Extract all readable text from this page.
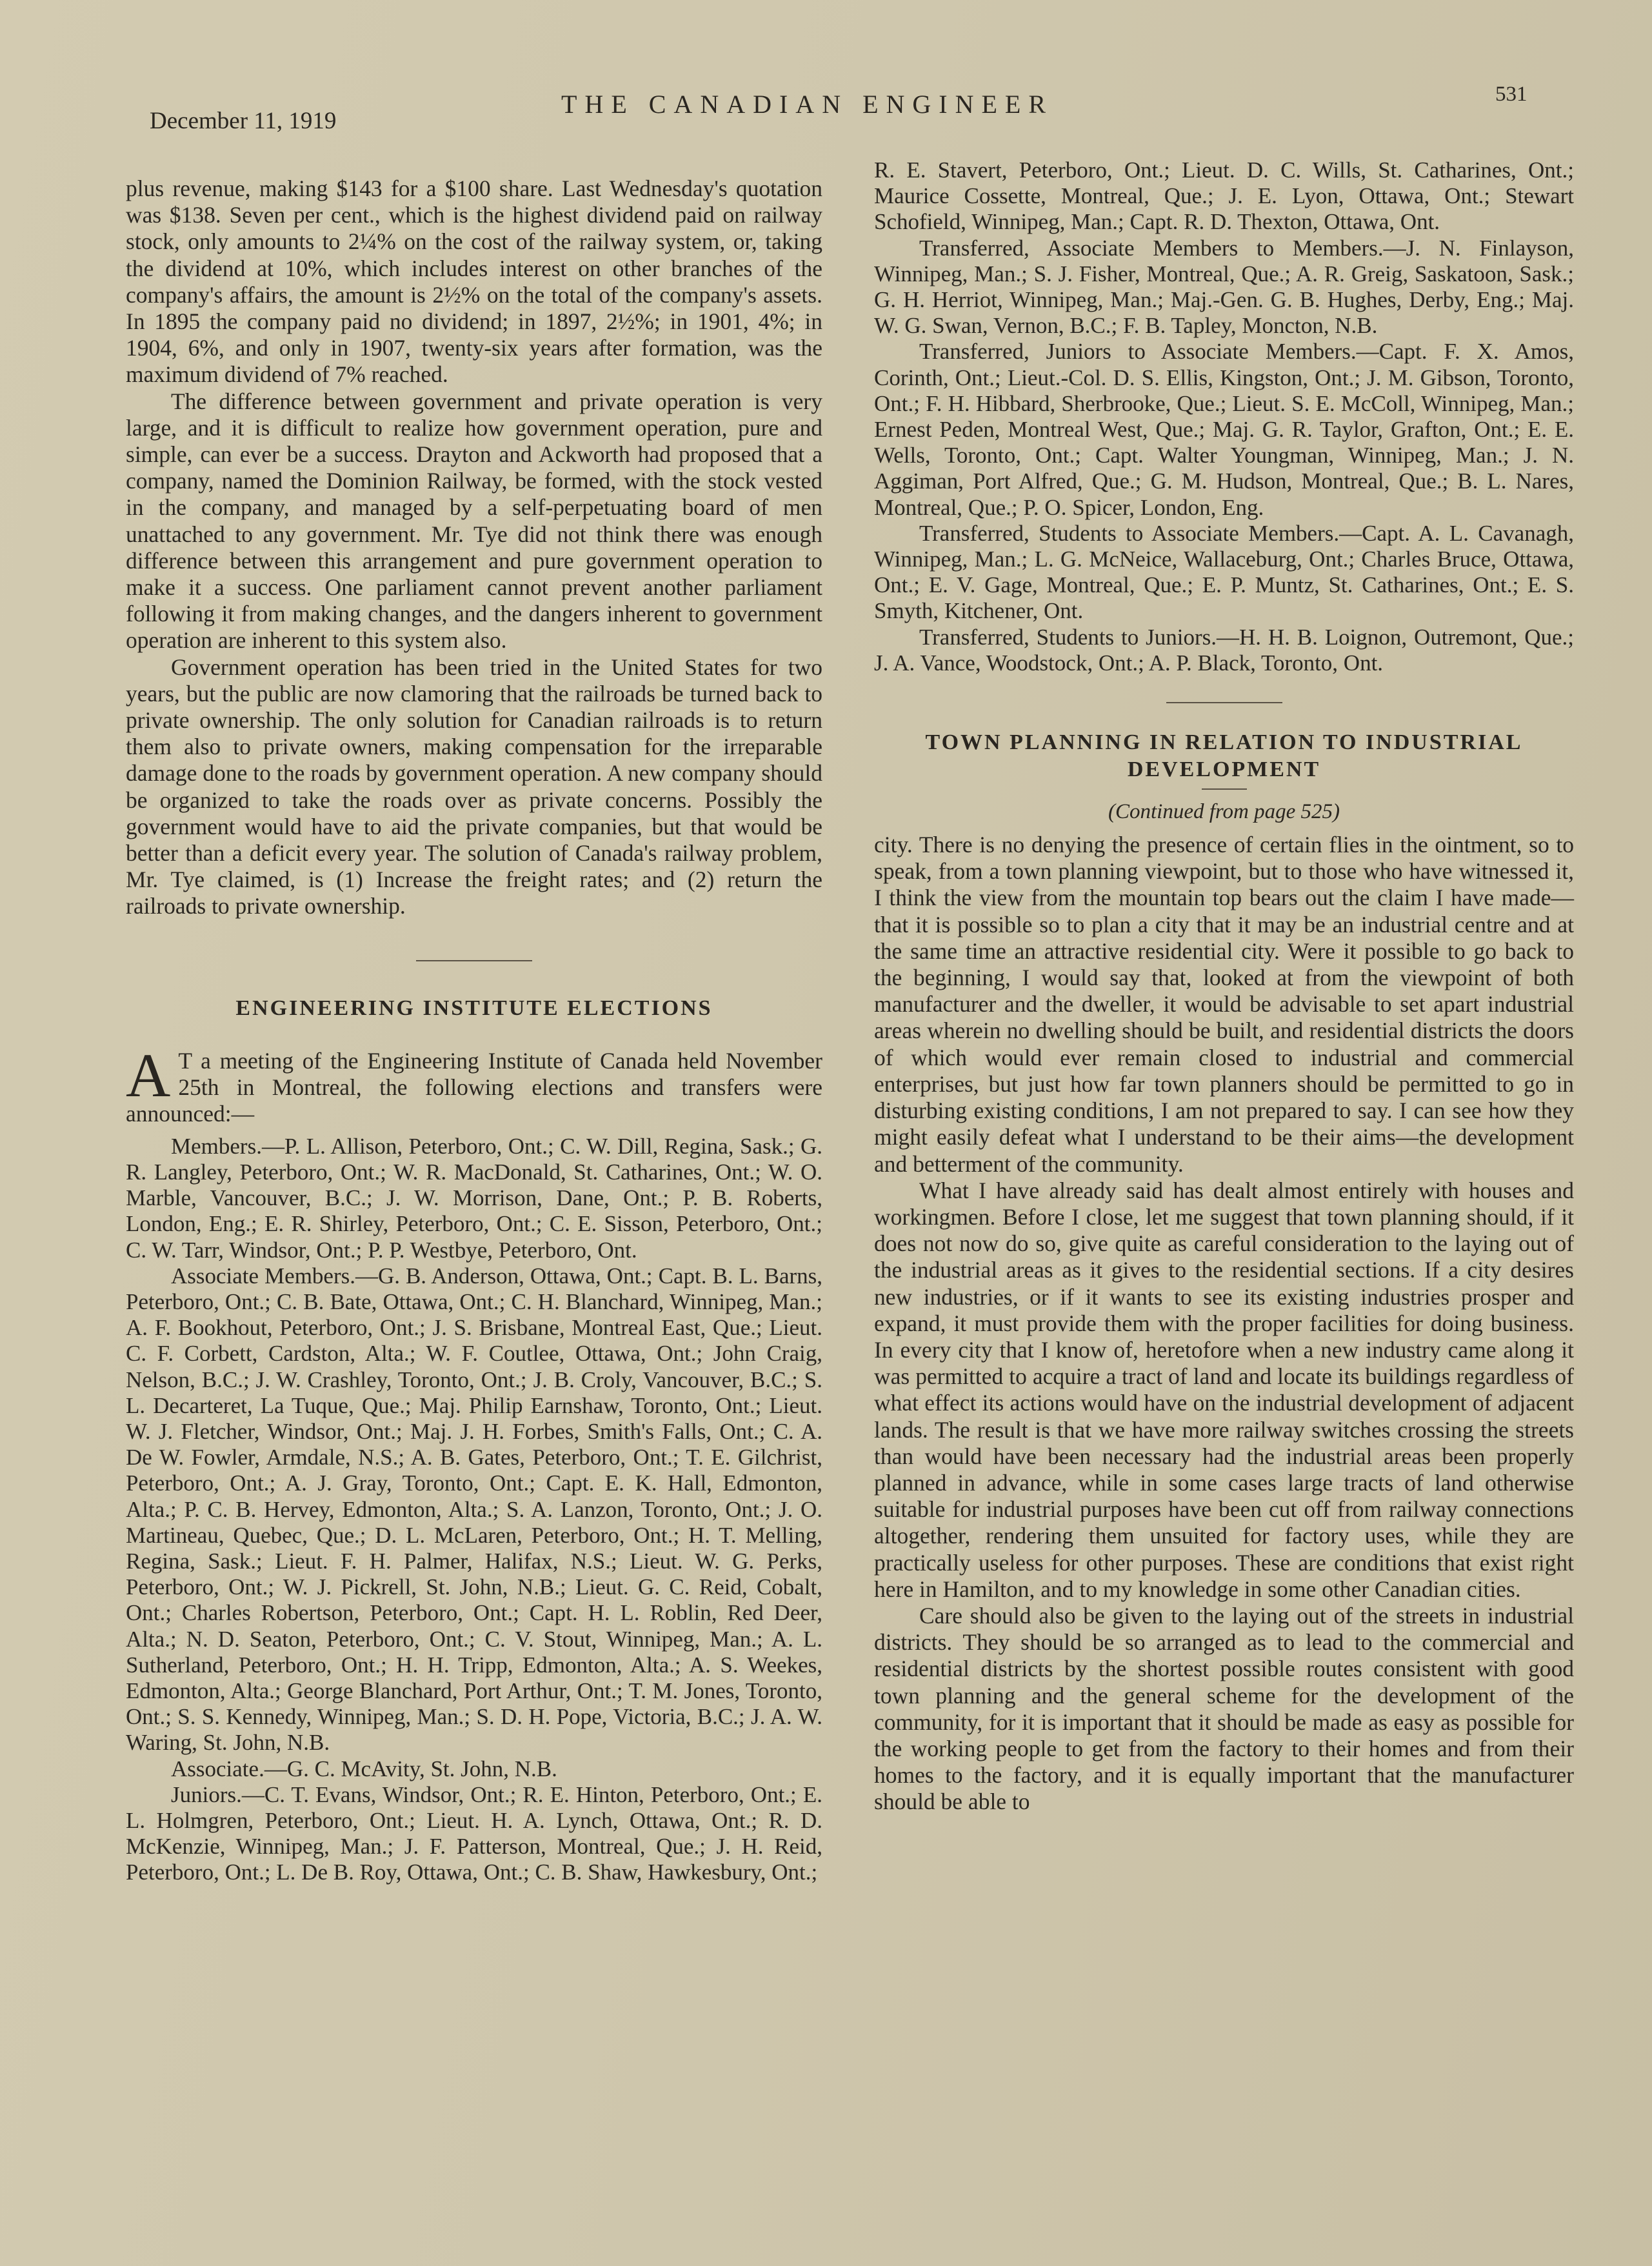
December 11, 1919
THE CANADIAN ENGINEER	531

plus revenue, making $143 for a $100 share. Last Wednesday's quotation was $138. Seven per cent., which is the highest dividend paid on railway stock, only amounts to 2¼% on the cost of the railway system, or, taking the dividend at 10%, which includes interest on other branches of the company's affairs, the amount is 2½% on the total of the company's assets. In 1895 the company paid no dividend; in 1897, 2½%; in 1901, 4%; in 1904, 6%, and only in 1907, twenty-six years after formation, was the maximum dividend of 7% reached.

The difference between government and private operation is very large, and it is difficult to realize how government operation, pure and simple, can ever be a success. Drayton and Ackworth had proposed that a company, named the Dominion Railway, be formed, with the stock vested in the company, and managed by a self-perpetuating board of men unattached to any government. Mr. Tye did not think there was enough difference between this arrangement and pure government operation to make it a success. One parliament cannot prevent another parliament following it from making changes, and the dangers inherent to government operation are inherent to this system also.

Government operation has been tried in the United States for two years, but the public are now clamoring that the railroads be turned back to private ownership. The only solution for Canadian railroads is to return them also to private owners, making compensation for the irreparable damage done to the roads by government operation. A new company should be organized to take the roads over as private concerns. Possibly the government would have to aid the private companies, but that would be better than a deficit every year. The solution of Canada's railway problem, Mr. Tye claimed, is (1) Increase the freight rates; and (2) return the railroads to private ownership.

ENGINEERING INSTITUTE ELECTIONS

A T a meeting of the Engineering Institute of Canada held November 25th in Montreal, the following elections and transfers were announced:—

Members.—P. L. Allison, Peterboro, Ont.; C. W. Dill, Regina, Sask.; G. R. Langley, Peterboro, Ont.; W. R. MacDonald, St. Catharines, Ont.; W. O. Marble, Vancouver, B.C.; J. W. Morrison, Dane, Ont.; P. B. Roberts, London, Eng.; E. R. Shirley, Peterboro, Ont.; C. E. Sisson, Peterboro, Ont.; C. W. Tarr, Windsor, Ont.; P. P. Westbye, Peterboro, Ont.

Associate Members.—G. B. Anderson, Ottawa, Ont.; Capt. B. L. Barns, Peterboro, Ont.; C. B. Bate, Ottawa, Ont.; C. H. Blanchard, Winnipeg, Man.; A. F. Bookhout, Peterboro, Ont.; J. S. Brisbane, Montreal East, Que.; Lieut. C. F. Corbett, Cardston, Alta.; W. F. Coutlee, Ottawa, Ont.; John Craig, Nelson, B.C.; J. W. Crashley, Toronto, Ont.; J. B. Croly, Vancouver, B.C.; S. L. Decarteret, La Tuque, Que.; Maj. Philip Earnshaw, Toronto, Ont.; Lieut. W. J. Fletcher, Windsor, Ont.; Maj. J. H. Forbes, Smith's Falls, Ont.; C. A. De W. Fowler, Armdale, N.S.; A. B. Gates, Peterboro, Ont.; T. E. Gilchrist, Peterboro, Ont.; A. J. Gray, Toronto, Ont.; Capt. E. K. Hall, Edmonton, Alta.; P. C. B. Hervey, Edmonton, Alta.; S. A. Lanzon, Toronto, Ont.; J. O. Martineau, Quebec, Que.; D. L. McLaren, Peterboro, Ont.; H. T. Melling, Regina, Sask.; Lieut. F. H. Palmer, Halifax, N.S.; Lieut. W. G. Perks, Peterboro, Ont.; W. J. Pickrell, St. John, N.B.; Lieut. G. C. Reid, Cobalt, Ont.; Charles Robertson, Peterboro, Ont.; Capt. H. L. Roblin, Red Deer, Alta.; N. D. Seaton, Peterboro, Ont.; C. V. Stout, Winnipeg, Man.; A. L. Sutherland, Peterboro, Ont.; H. H. Tripp, Edmonton, Alta.; A. S. Weekes, Edmonton, Alta.; George Blanchard, Port Arthur, Ont.; T. M. Jones, Toronto, Ont.; S. S. Kennedy, Winnipeg, Man.; S. D. H. Pope, Victoria, B.C.; J. A. W. Waring, St. John, N.B.

Associate.—G. C. McAvity, St. John, N.B.

Juniors.—C. T. Evans, Windsor, Ont.; R. E. Hinton, Peterboro, Ont.; E. L. Holmgren, Peterboro, Ont.; Lieut. H. A. Lynch, Ottawa, Ont.; R. D. McKenzie, Winnipeg, Man.; J. F. Patterson, Montreal, Que.; J. H. Reid, Peterboro, Ont.; L. De B. Roy, Ottawa, Ont.; C. B. Shaw, Hawkesbury, Ont.;

R. E. Stavert, Peterboro, Ont.; Lieut. D. C. Wills, St. Catharines, Ont.; Maurice Cossette, Montreal, Que.; J. E. Lyon, Ottawa, Ont.; Stewart Schofield, Winnipeg, Man.; Capt. R. D. Thexton, Ottawa, Ont.

Transferred, Associate Members to Members.—J. N. Finlayson, Winnipeg, Man.; S. J. Fisher, Montreal, Que.; A. R. Greig, Saskatoon, Sask.; G. H. Herriot, Winnipeg, Man.; Maj.-Gen. G. B. Hughes, Derby, Eng.; Maj. W. G. Swan, Vernon, B.C.; F. B. Tapley, Moncton, N.B.

Transferred, Juniors to Associate Members.—Capt. F. X. Amos, Corinth, Ont.; Lieut.-Col. D. S. Ellis, Kingston, Ont.; J. M. Gibson, Toronto, Ont.; F. H. Hibbard, Sherbrooke, Que.; Lieut. S. E. McColl, Winnipeg, Man.; Ernest Peden, Montreal West, Que.; Maj. G. R. Taylor, Grafton, Ont.; E. E. Wells, Toronto, Ont.; Capt. Walter Youngman, Winnipeg, Man.; J. N. Aggiman, Port Alfred, Que.; G. M. Hudson, Montreal, Que.; B. L. Nares, Montreal, Que.; P. O. Spicer, London, Eng.

Transferred, Students to Associate Members.—Capt. A. L. Cavanagh, Winnipeg, Man.; L. G. McNeice, Wallaceburg, Ont.; Charles Bruce, Ottawa, Ont.; E. V. Gage, Montreal, Que.; E. P. Muntz, St. Catharines, Ont.; E. S. Smyth, Kitchener, Ont.

Transferred, Students to Juniors.—H. H. B. Loignon, Outremont, Que.; J. A. Vance, Woodstock, Ont.; A. P. Black, Toronto, Ont.

TOWN PLANNING IN RELATION TO INDUSTRIAL
DEVELOPMENT

(Continued from page 525)

city. There is no denying the presence of certain flies in the ointment, so to speak, from a town planning viewpoint, but to those who have witnessed it, I think the view from the mountain top bears out the claim I have made—that it is possible so to plan a city that it may be an industrial centre and at the same time an attractive residential city. Were it possible to go back to the beginning, I would say that, looked at from the viewpoint of both manufacturer and the dweller, it would be advisable to set apart industrial areas wherein no dwelling should be built, and residential districts the doors of which would ever remain closed to industrial and commercial enterprises, but just how far town planners should be permitted to go in disturbing existing conditions, I am not prepared to say. I can see how they might easily defeat what I understand to be their aims—the development and betterment of the community.

What I have already said has dealt almost entirely with houses and workingmen. Before I close, let me suggest that town planning should, if it does not now do so, give quite as careful consideration to the laying out of the industrial areas as it gives to the residential sections. If a city desires new industries, or if it wants to see its existing industries prosper and expand, it must provide them with the proper facilities for doing business. In every city that I know of, heretofore when a new industry came along it was permitted to acquire a tract of land and locate its buildings regardless of what effect its actions would have on the industrial development of adjacent lands. The result is that we have more railway switches crossing the streets than would have been necessary had the industrial areas been properly planned in advance, while in some cases large tracts of land otherwise suitable for industrial purposes have been cut off from railway connections altogether, rendering them unsuited for factory uses, while they are practically useless for other purposes. These are conditions that exist right here in Hamilton, and to my knowledge in some other Canadian cities.

Care should also be given to the laying out of the streets in industrial districts. They should be so arranged as to lead to the commercial and residential districts by the shortest possible routes consistent with good town planning and the general scheme for the development of the community, for it is important that it should be made as easy as possible for the working people to get from the factory to their homes and from their homes to the factory, and it is equally important that the manufacturer should be able to
